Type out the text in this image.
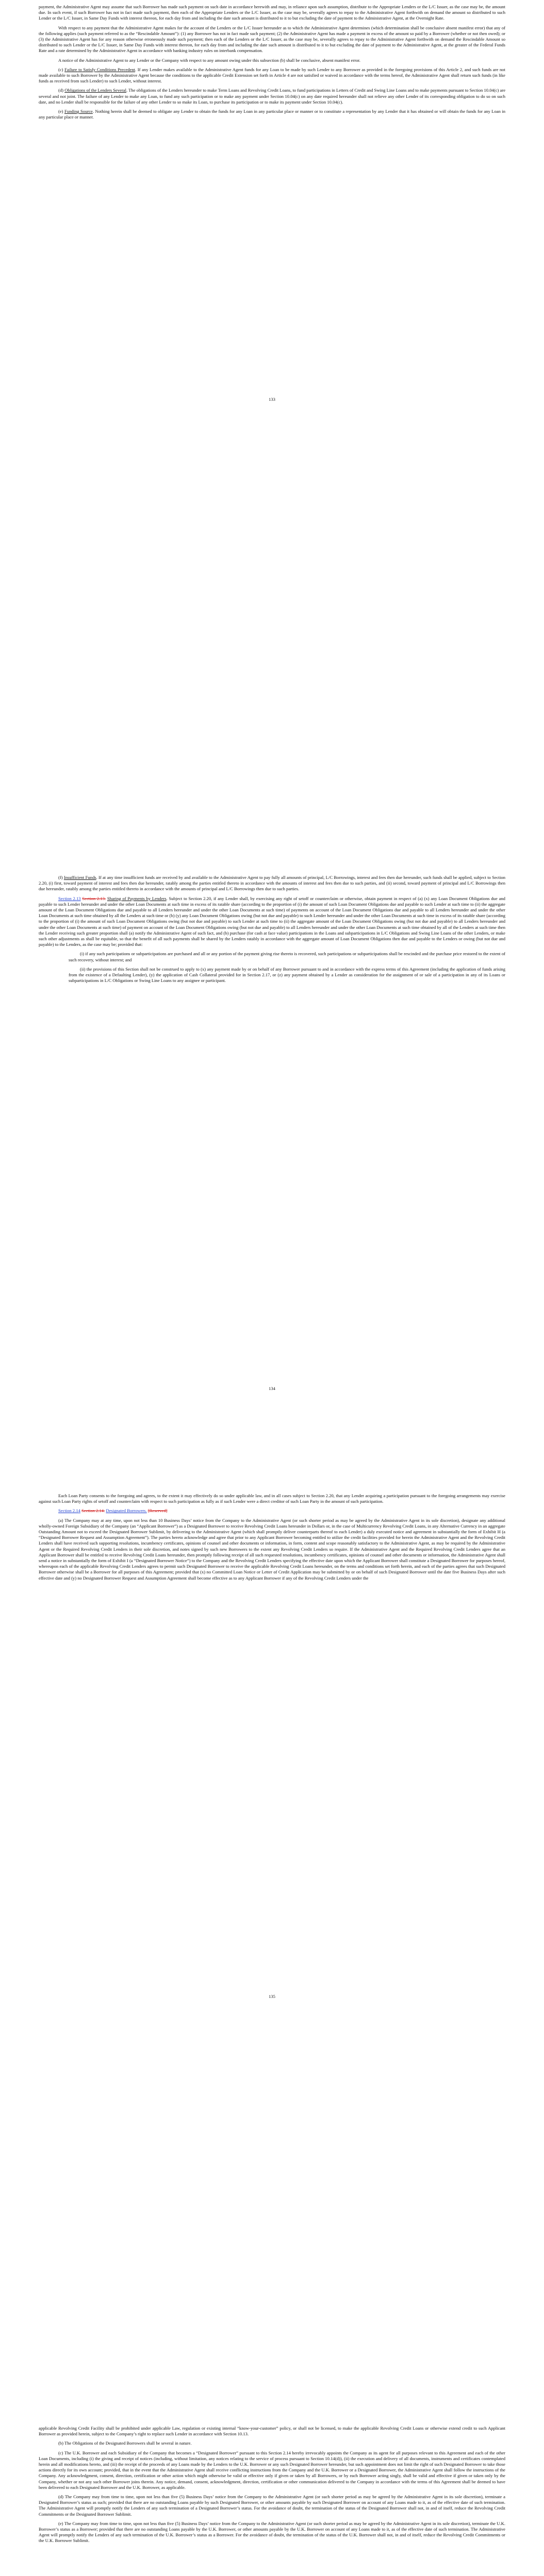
payment, the Administrative Agent may assume that such Borrower has made such payment on such date in accordance herewith and may, in reliance upon such assumption, distribute to the Appropriate Lenders or the L/C Issuer, as the case may be, the amount due. In such event, if such Borrower has not in fact made such payment, then each of the Appropriate Lenders or the L/C Issuer, as the case may be, severally agrees to repay to the Administrative Agent forthwith on demand the amount so distributed to such Lender or the L/C Issuer, in Same Day Funds with interest thereon, for each day from and including the date such amount is distributed to it to but excluding the date of payment to the Administrative Agent, at the Overnight Rate.

With respect to any payment that the Administrative Agent makes for the account of the Lenders or the L/C Issuer hereunder as to which the Administrative Agent determines (which determination shall be conclusive absent manifest error) that any of the following applies (such payment referred to as the “Rescindable Amount”): (1) any Borrower has not in fact made such payment; (2) the Administrative Agent has made a payment in excess of the amount so paid by a Borrower (whether or not then owed); or (3) the Administrative Agent has for any reason otherwise erroneously made such payment; then each of the Lenders or the L/C Issuer, as the case may be, severally agrees to repay to the Administrative Agent forthwith on demand the Rescindable Amount so distributed to such Lender or the L/C Issuer, in Same Day Funds with interest thereon, for each day from and including the date such amount is distributed to it to but excluding the date of payment to the Administrative Agent, at the greater of the Federal Funds Rate and a rate determined by the Administrative Agent in accordance with banking industry rules on interbank compensation.

A notice of the Administrative Agent to any Lender or the Company with respect to any amount owing under this subsection (b) shall be conclusive, absent manifest error.

(c) Failure to Satisfy Conditions Precedent. If any Lender makes available to the Administrative Agent funds for any Loan to be made by such Lender to any Borrower as provided in the foregoing provisions of this Article 2, and such funds are not made available to such Borrower by the Administrative Agent because the conditions to the applicable Credit Extension set forth in Article 4 are not satisfied or waived in accordance with the terms hereof, the Administrative Agent shall return such funds (in like funds as received from such Lender) to such Lender, without interest.

(d) Obligations of the Lenders Several. The obligations of the Lenders hereunder to make Term Loans and Revolving Credit Loans, to fund participations in Letters of Credit and Swing Line Loans and to make payments pursuant to Section 10.04(c) are several and not joint. The failure of any Lender to make any Loan, to fund any such participation or to make any payment under Section 10.04(c) on any date required hereunder shall not relieve any other Lender of its corresponding obligation to do so on such date, and no Lender shall be responsible for the failure of any other Lender to so make its Loan, to purchase its participation or to make its payment under Section 10.04(c).

(e) Funding Source. Nothing herein shall be deemed to obligate any Lender to obtain the funds for any Loan in any particular place or manner or to constitute a representation by any Lender that it has obtained or will obtain the funds for any Loan in any particular place or manner.

133

(f) Insufficient Funds. If at any time insufficient funds are received by and available to the Administrative Agent to pay fully all amounts of principal, L/C Borrowings, interest and fees then due hereunder, such funds shall be applied, subject to Section 2.20, (i) first, toward payment of interest and fees then due hereunder, ratably among the parties entitled thereto in accordance with the amounts of interest and fees then due to such parties, and (ii) second, toward payment of principal and L/C Borrowings then due hereunder, ratably among the parties entitled thereto in accordance with the amounts of principal and L/C Borrowings then due to such parties.

Section 2.13 Section 2.13. Sharing of Payments by Lenders. Subject to Section 2.20, if any Lender shall, by exercising any right of setoff or counterclaim or otherwise, obtain payment in respect of (a) (x) any Loan Document Obligations due and payable to such Lender hereunder and under the other Loan Documents at such time in excess of its ratable share (according to the proportion of (i) the amount of such Loan Document Obligations due and payable to such Lender at such time to (ii) the aggregate amount of the Loan Document Obligations due and payable to all Lenders hereunder and under the other Loan Documents at such time) of payments on account of the Loan Document Obligations due and payable to all Lenders hereunder and under the other Loan Documents at such time obtained by all the Lenders at such time or (b) (y) any Loan Document Obligations owing (but not due and payable) to such Lender hereunder and under the other Loan Documents at such time in excess of its ratable share (according to the proportion of (i) the amount of such Loan Document Obligations owing (but not due and payable) to such Lender at such time to (ii) the aggregate amount of the Loan Document Obligations owing (but not due and payable) to all Lenders hereunder and under the other Loan Documents at such time) of payment on account of the Loan Document Obligations owing (but not due and payable) to all Lenders hereunder and under the other Loan Documents at such time obtained by all of the Lenders at such time then the Lender receiving such greater proportion shall (a) notify the Administrative Agent of such fact, and (b) purchase (for cash at face value) participations in the Loans and subparticipations in L/C Obligations and Swing Line Loans of the other Lenders, or make such other adjustments as shall be equitable, so that the benefit of all such payments shall be shared by the Lenders ratably in accordance with the aggregate amount of Loan Document Obligations then due and payable to the Lenders or owing (but not due and payable) to the Lenders, as the case may be; provided that:

(i) if any such participations or subparticipations are purchased and all or any portion of the payment giving rise thereto is recovered, such participations or subparticipations shall be rescinded and the purchase price restored to the extent of such recovery, without interest; and

(ii) the provisions of this Section shall not be construed to apply to (x) any payment made by or on behalf of any Borrower pursuant to and in accordance with the express terms of this Agreement (including the application of funds arising from the existence of a Defaulting Lender), (y) the application of Cash Collateral provided for in Section 2.17, or (z) any payment obtained by a Lender as consideration for the assignment of or sale of a participation in any of its Loans or subparticipations in L/C Obligations or Swing Line Loans to any assignee or participant.

134

Each Loan Party consents to the foregoing and agrees, to the extent it may effectively do so under applicable law, and in all cases subject to Section 2.20, that any Lender acquiring a participation pursuant to the foregoing arrangements may exercise against such Loan Party rights of setoff and counterclaim with respect to such participation as fully as if such Lender were a direct creditor of such Loan Party in the amount of such participation.

Section 2.14 Section 2.14. Designated Borrowers. [Reserved]

(a) The Company may at any time, upon not less than 10 Business Days’ notice from the Company to the Administrative Agent (or such shorter period as may be agreed by the Administrative Agent in its sole discretion), designate any additional wholly-owned Foreign Subsidiary of the Company (an “Applicant Borrower”) as a Designated Borrower to receive Revolving Credit Loans hereunder in Dollars or, in the case of Multicurrency Revolving Credit Loans, in any Alternative Currency in an aggregate Outstanding Amount not to exceed the Designated Borrower Sublimit, by delivering to the Administrative Agent (which shall promptly deliver counterparts thereof to each Lender) a duly executed notice and agreement in substantially the form of Exhibit H (a “Designated Borrower Request and Assumption Agreement”). The parties hereto acknowledge and agree that prior to any Applicant Borrower becoming entitled to utilize the credit facilities provided for herein the Administrative Agent and the Revolving Credit Lenders shall have received such supporting resolutions, incumbency certificates, opinions of counsel and other documents or information, in form, content and scope reasonably satisfactory to the Administrative Agent, as may be required by the Administrative Agent or the Required Revolving Credit Lenders in their sole discretion, and notes signed by such new Borrowers to the extent any Revolving Credit Lenders so require. If the Administrative Agent and the Required Revolving Credit Lenders agree that an Applicant Borrower shall be entitled to receive Revolving Credit Loans hereunder, then promptly following receipt of all such requested resolutions, incumbency certificates, opinions of counsel and other documents or information, the Administrative Agent shall send a notice in substantially the form of Exhibit I (a “Designated Borrower Notice”) to the Company and the Revolving Credit Lenders specifying the effective date upon which the Applicant Borrower shall constitute a Designated Borrower for purposes hereof, whereupon each of the applicable Revolving Credit Lenders agrees to permit such Designated Borrower to receive the applicable Revolving Credit Loans hereunder, on the terms and conditions set forth herein, and each of the parties agrees that such Designated Borrower otherwise shall be a Borrower for all purposes of this Agreement; provided that (x) no Committed Loan Notice or Letter of Credit Application may be submitted by or on behalf of such Designated Borrower until the date five Business Days after such effective date and (y) no Designated Borrower Request and Assumption Agreement shall become effective as to any Applicant Borrower if any of the Revolving Credit Lenders under the

135

applicable Revolving Credit Facility shall be prohibited under applicable Law, regulation or existing internal “know-your-customer” policy, or shall not be licensed, to make the applicable Revolving Credit Loans or otherwise extend credit to such Applicant Borrower as provided herein, subject to the Company’s right to replace such Lender in accordance with Section 10.13.

(b) The Obligations of the Designated Borrowers shall be several in nature.

(c) The U.K. Borrower and each Subsidiary of the Company that becomes a “Designated Borrower” pursuant to this Section 2.14 hereby irrevocably appoints the Company as its agent for all purposes relevant to this Agreement and each of the other Loan Documents, including (i) the giving and receipt of notices (including, without limitation, any notices relating to the service of process pursuant to Section 10.14(d)), (ii) the execution and delivery of all documents, instruments and certificates contemplated herein and all modifications hereto, and (iii) the receipt of the proceeds of any Loans made by the Lenders to the U.K. Borrower or any such Designated Borrower hereunder, but such appointment does not limit the right of such Designated Borrower to take those actions directly for its own account; provided, that in the event that the Administrative Agent shall receive conflicting instructions from the Company and the U.K. Borrower or a Designated Borrower, the Administrative Agent shall follow the instructions of the Company. Any acknowledgment, consent, direction, certification or other action which might otherwise be valid or effective only if given or taken by all Borrowers, or by each Borrower acting singly, shall be valid and effective if given or taken only by the Company, whether or not any such other Borrower joins therein. Any notice, demand, consent, acknowledgment, direction, certification or other communication delivered to the Company in accordance with the terms of this Agreement shall be deemed to have been delivered to each Designated Borrower and the U.K. Borrower, as applicable.

(d) The Company may from time to time, upon not less than five (5) Business Days’ notice from the Company to the Administrative Agent (or such shorter period as may be agreed by the Administrative Agent in its sole discretion), terminate a Designated Borrower’s status as such; provided that there are no outstanding Loans payable by such Designated Borrower, or other amounts payable by such Designated Borrower on account of any Loans made to it, as of the effective date of such termination. The Administrative Agent will promptly notify the Lenders of any such termination of a Designated Borrower’s status. For the avoidance of doubt, the termination of the status of the Designated Borrower shall not, in and of itself, reduce the Revolving Credit Commitments or the Designated Borrower Sublimit.

(e) The Company may from time to time, upon not less than five (5) Business Days’ notice from the Company to the Administrative Agent (or such shorter period as may be agreed by the Administrative Agent in its sole discretion), terminate the U.K. Borrower’s status as a Borrower; provided that there are no outstanding Loans payable by the U.K. Borrower, or other amounts payable by the U.K. Borrower on account of any Loans made to it, as of the effective date of such termination. The Administrative Agent will promptly notify the Lenders of any such termination of the U.K. Borrower’s status as a Borrower. For the avoidance of doubt, the termination of the status of the U.K. Borrower shall not, in and of itself, reduce the Revolving Credit Commitments or the U.K. Borrower Sublimit.
